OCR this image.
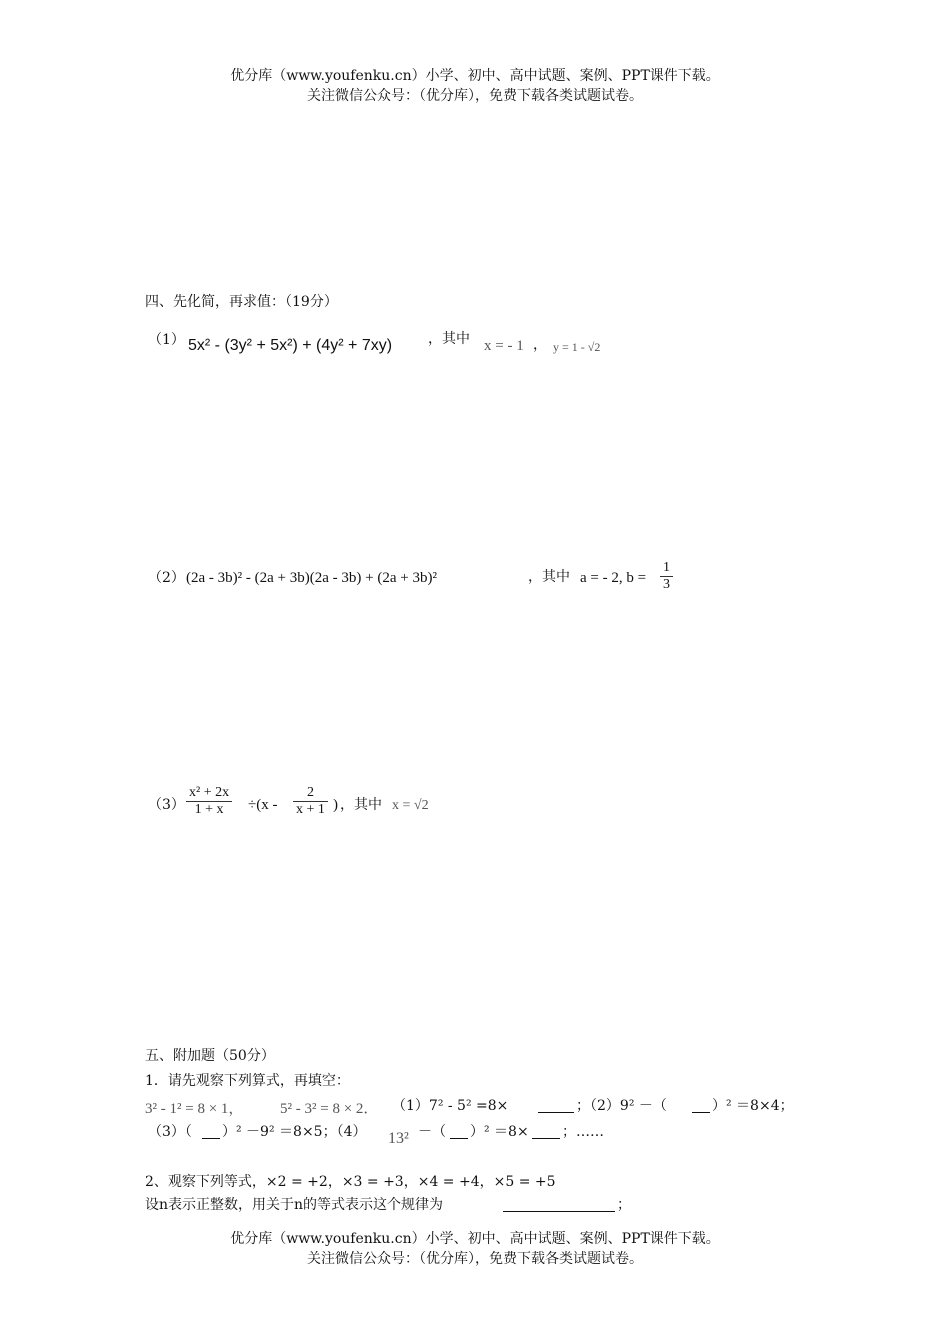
优分库（www.youfenku.cn）小学、初中、高中试题、案例、PPT课件下载。
关注微信公众号：（优分库），免费下载各类试题试卷。
四、先化简，再求值：（19分）
（1） 5x² - (3y² + 5x²) + (4y² + 7xy)	，其中 x = - 1 ， y = 1 - √2
（2） (2a - 3b)² - (2a + 3b)(2a - 3b) + (2a + 3b)²	，其中 a = - 2, $b = \frac{1}{3}$
$(3) \frac{\text{x² + 2x}}{1 + x} \div(x - \frac{2}{x + 1}$ ) ，其中 x = √2
五、附加题（50分）
1．请先观察下列算式，再填空：
3² - 1² = 8 × 1， 5² - 3² = 8 × 2． （1）7² - 5² =8×	；（2）9² －（	）² ＝8×4；
（3）（ ）² －9² ＝8×5；（4） 13² －（ ）² ＝8× ；……
2、观察下列等式，×2 = +2，×3 = +3，×4 = +4，×5 = +5
设n表示正整数，用关于n的等式表示这个规律为	；
优分库（www.youfenku.cn）小学、初中、高中试题、案例、PPT课件下载。
关注微信公众号：（优分库），免费下载各类试题试卷。
